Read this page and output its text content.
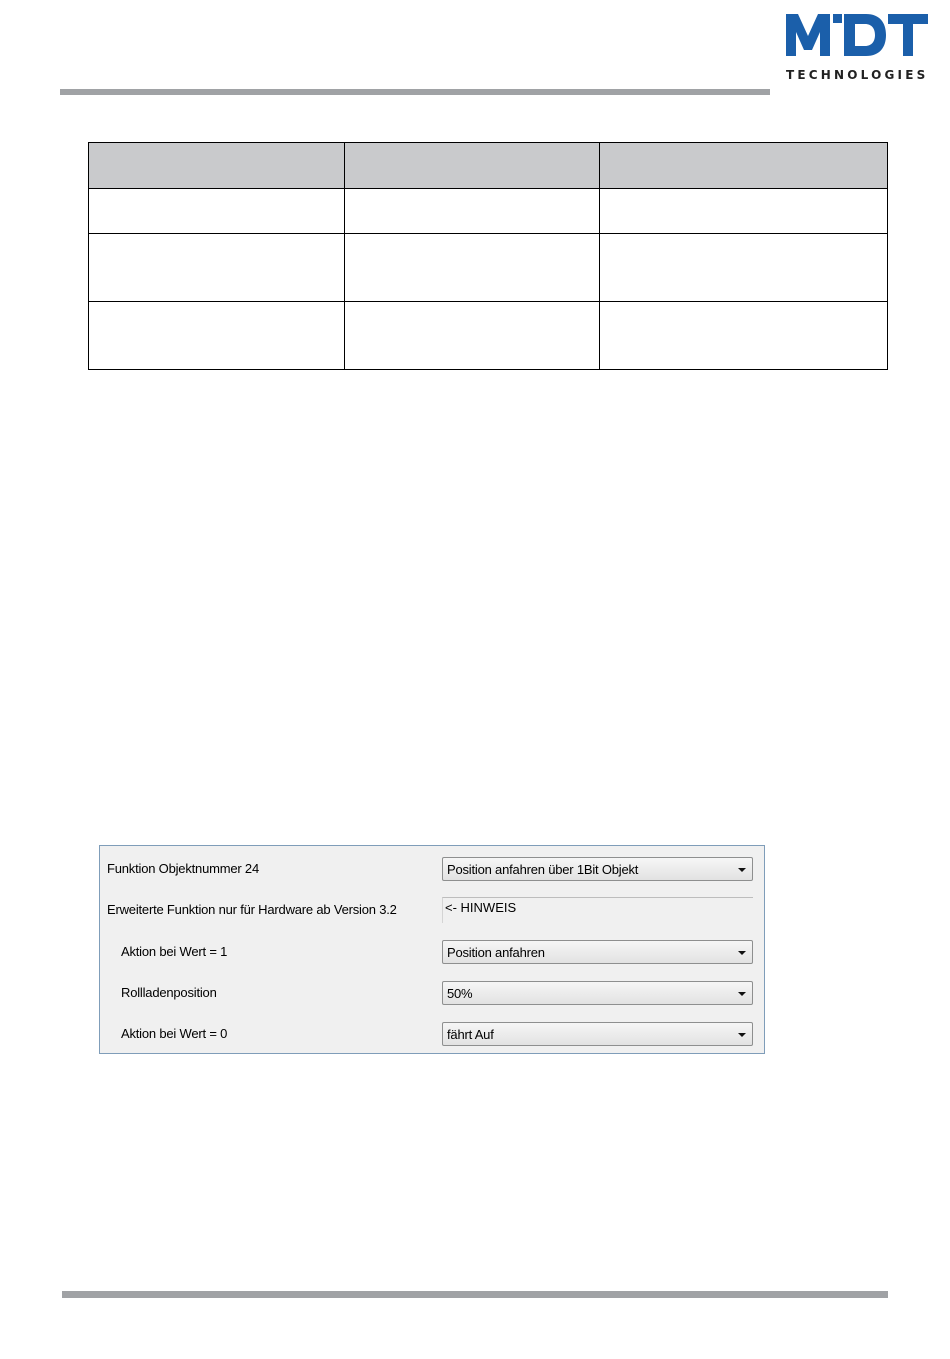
TECHNOLOGIES

Funktion Objektnummer 24	Position anfahren über 1Bit Objekt
Erweiterte Funktion nur für Hardware ab Version 3.2	<- HINWEIS
Aktion bei Wert = 1	Position anfahren
Rollladenposition	50%
Aktion bei Wert = 0	fährt Auf
